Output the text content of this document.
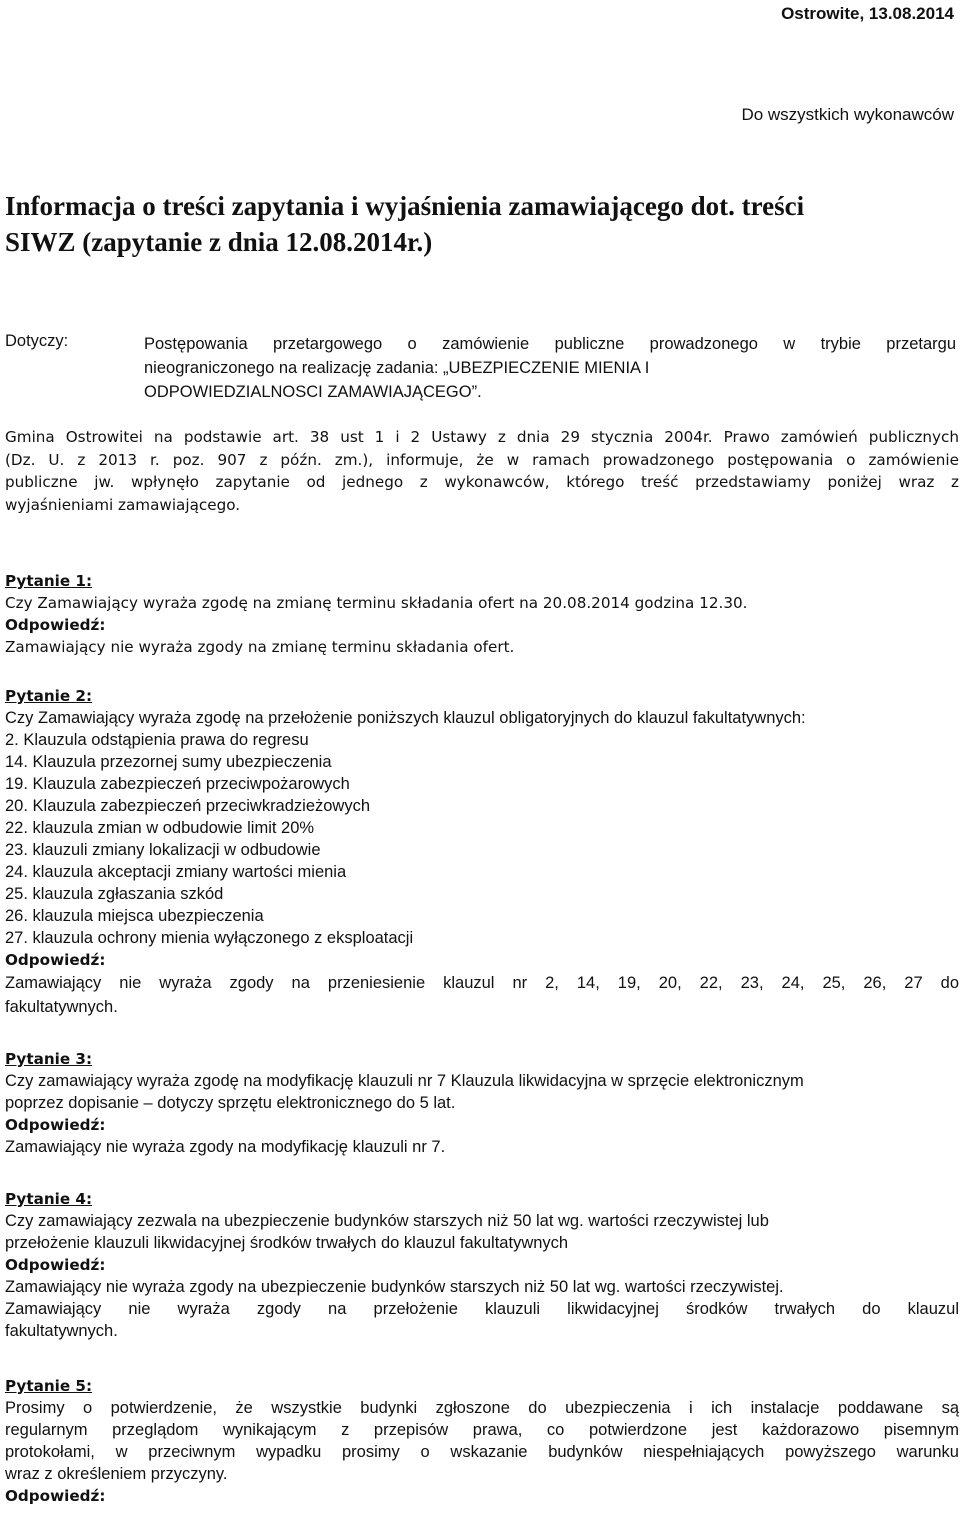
Ostrowite, 13.08.2014
Do wszystkich wykonawców
Informacja o treści zapytania i wyjaśnienia zamawiającego dot. treści
SIWZ (zapytanie z dnia 12.08.2014r.)
Dotyczy:	Postępowania przetargowego o zamówienie publiczne prowadzonego w trybie przetargu
nieograniczonego na realizację zadania: „UBEZPIECZENIE MIENIA I
ODPOWIEDZIALNOSCI ZAMAWIAJĄCEGO”.
Gmina Ostrowitei na podstawie art. 38 ust 1 i 2 Ustawy z dnia 29 stycznia 2004r. Prawo zamówień publicznych
(Dz. U. z 2013 r. poz. 907 z późn. zm.), informuje, że w ramach prowadzonego postępowania o zamówienie
publiczne jw. wpłynęło zapytanie od jednego z wykonawców, którego treść przedstawiamy poniżej wraz z
wyjaśnieniami zamawiającego.
Pytanie 1:
Czy Zamawiający wyraża zgodę na zmianę terminu składania ofert na 20.08.2014 godzina 12.30.
Odpowiedź:
Zamawiający nie wyraża zgody na zmianę terminu składania ofert.
Pytanie 2:
Czy Zamawiający wyraża zgodę na przełożenie poniższych klauzul obligatoryjnych do klauzul fakultatywnych:
2. Klauzula odstąpienia prawa do regresu
14. Klauzula przezornej sumy ubezpieczenia
19. Klauzula zabezpieczeń przeciwpożarowych
20. Klauzula zabezpieczeń przeciwkradzieżowych
22. klauzula zmian w odbudowie limit 20%
23. klauzuli zmiany lokalizacji w odbudowie
24. klauzula akceptacji zmiany wartości mienia
25. klauzula zgłaszania szkód
26. klauzula miejsca ubezpieczenia
27. klauzula ochrony mienia wyłączonego z eksploatacji
Odpowiedź:
Zamawiający nie wyraża zgody na przeniesienie klauzul nr 2, 14, 19, 20, 22, 23, 24, 25, 26, 27 do
fakultatywnych.
Pytanie 3:
Czy zamawiający wyraża zgodę na modyfikację klauzuli nr 7 Klauzula likwidacyjna w sprzęcie elektronicznym
poprzez dopisanie – dotyczy sprzętu elektronicznego do 5 lat.
Odpowiedź:
Zamawiający nie wyraża zgody na modyfikację klauzuli nr 7.
Pytanie 4:
Czy zamawiający zezwala na ubezpieczenie budynków starszych niż 50 lat wg. wartości rzeczywistej lub
przełożenie klauzuli likwidacyjnej środków trwałych do klauzul fakultatywnych
Odpowiedź:
Zamawiający nie wyraża zgody na ubezpieczenie budynków starszych niż 50 lat wg. wartości rzeczywistej.
Zamawiający nie wyraża zgody na przełożenie klauzuli likwidacyjnej środków trwałych do klauzul
fakultatywnych.
Pytanie 5:
Prosimy o potwierdzenie, że wszystkie budynki zgłoszone do ubezpieczenia i ich instalacje poddawane są
regularnym przeglądom wynikającym z przepisów prawa, co potwierdzone jest każdorazowo pisemnym
protokołami, w przeciwnym wypadku prosimy o wskazanie budynków niespełniających powyższego warunku
wraz z określeniem przyczyny.
Odpowiedź:
